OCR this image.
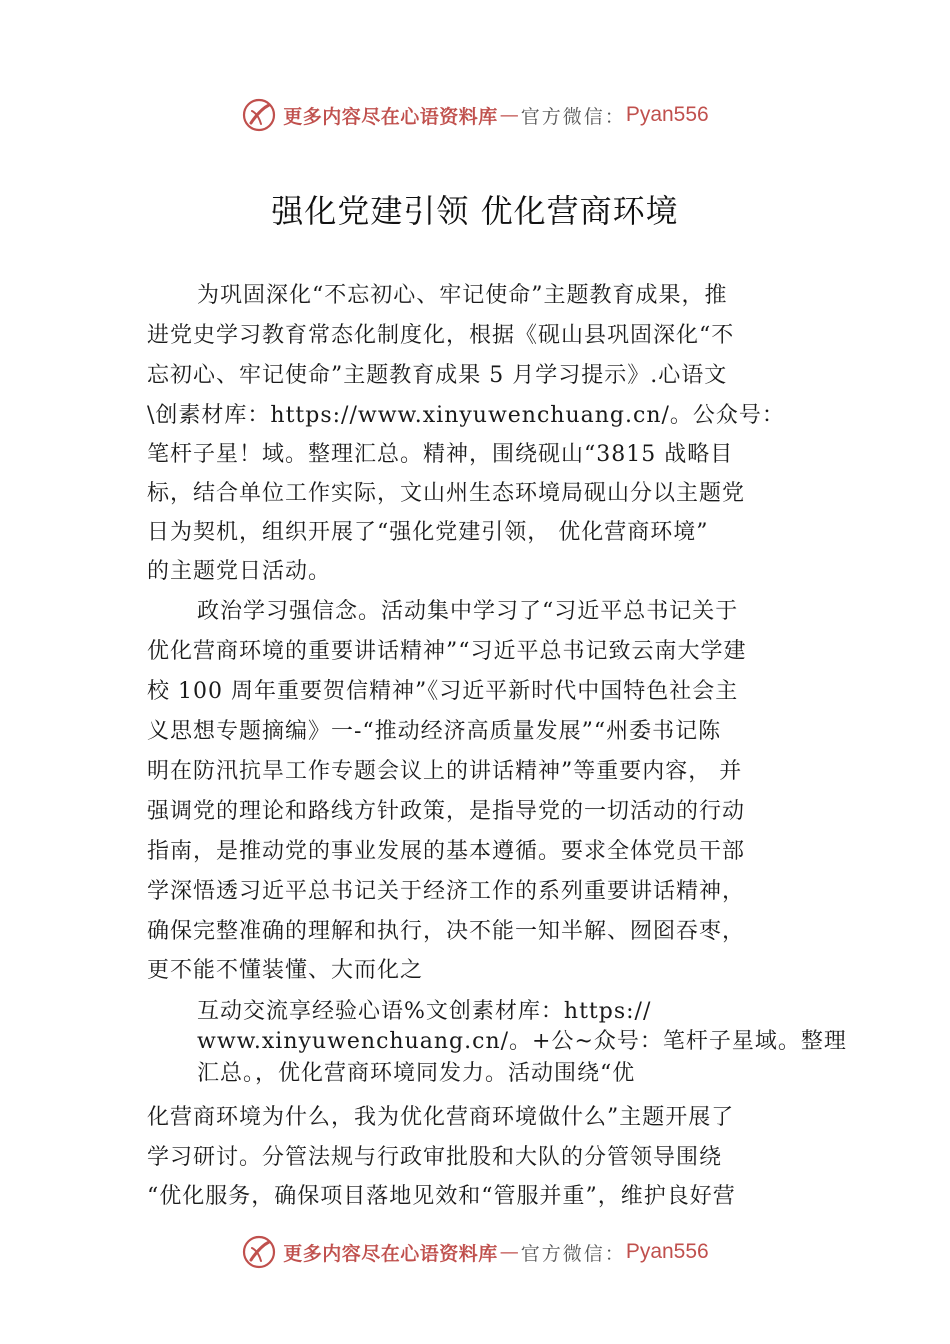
更多内容尽在心语资料库 — 官方微信： Pyan556
强化党建引领 优化营商环境
为巩固深化“不忘初心、牢记使命”主题教育成果，推
进党史学习教育常态化制度化，根据《砚山县巩固深化“不
忘初心、牢记使命”主题教育成果 5 月学习提示》.心语文
\创素材库：https://www.xinyuwenchuang.cn/。公众号：
笔杆子星！域。整理汇总。精神，围绕砚山“3815 战略目
标，结合单位工作实际，文山州生态环境局砚山分以主题党
日为契机，组织开展了“强化党建引领， 优化营商环境”
的主题党日活动。
政治学习强信念。活动集中学习了“习近平总书记关于
优化营商环境的重要讲话精神”“习近平总书记致云南大学建
校 100 周年重要贺信精神”《习近平新时代中国特色社会主
义思想专题摘编》一-“推动经济高质量发展”“州委书记陈
明在防汛抗旱工作专题会议上的讲话精神”等重要内容， 并
强调党的理论和路线方针政策，是指导党的一切活动的行动
指南，是推动党的事业发展的基本遵循。要求全体党员干部
学深悟透习近平总书记关于经济工作的系列重要讲话精神，
确保完整准确的理解和执行，决不能一知半解、囫囵吞枣，
更不能不懂装懂、大而化之
互动交流享经验心语%文创素材库：https://
www.xinyuwenchuang.cn/。+公~众号：笔杆子星域。整理
汇总。，优化营商环境同发力。活动围绕“优
化营商环境为什么，我为优化营商环境做什么”主题开展了
学习研讨。分管法规与行政审批股和大队的分管领导围绕
“优化服务，确保项目落地见效和“管服并重”，维护良好营
更多内容尽在心语资料库 — 官方微信： Pyan556
